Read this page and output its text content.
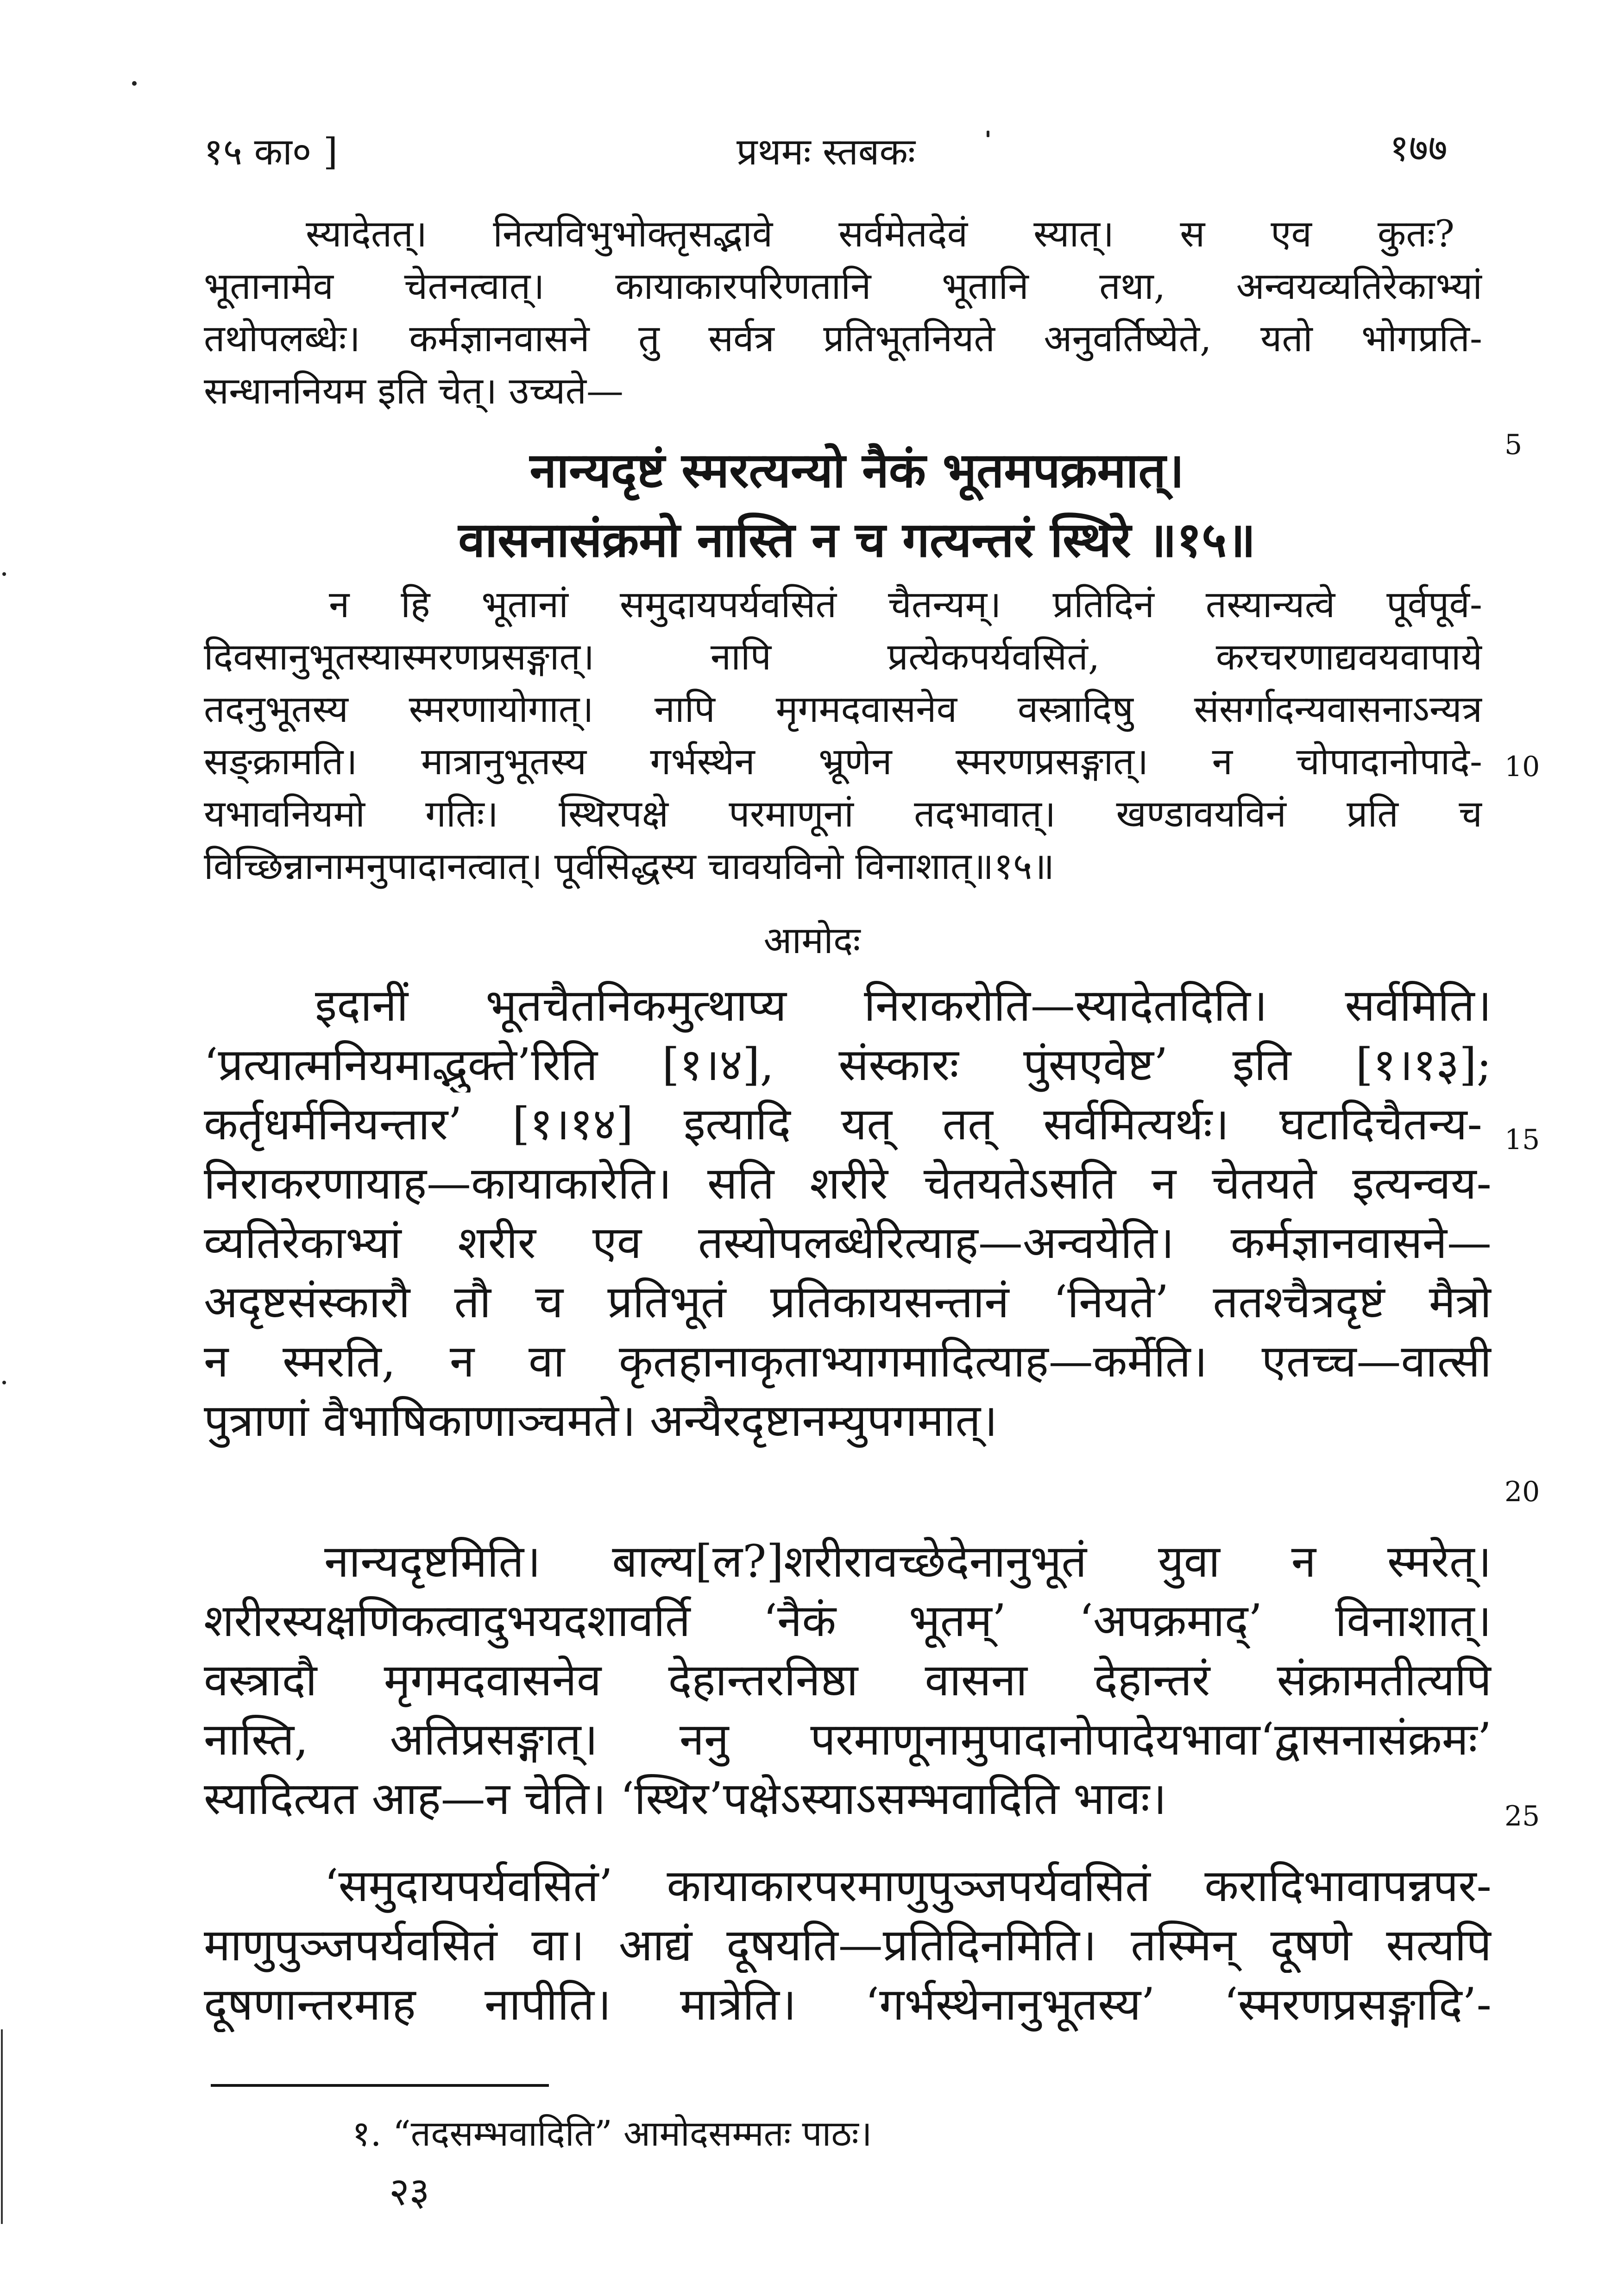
१५ का० ]	प्रथमः स्तबकः	१७७
स्यादेतत्। नित्यविभुभोक्तृसद्भावे सर्वमेतदेवं स्यात्। स एव कुतः?
भूतानामेव चेतनत्वात्। कायाकारपरिणतानि भूतानि तथा, अन्वयव्यतिरेकाभ्यां
तथोपलब्धेः। कर्मज्ञानवासने तु सर्वत्र प्रतिभूतनियते अनुवर्तिष्येते, यतो भोगप्रति-
सन्धाननियम इति चेत्। उच्यते—
नान्यदृष्टं स्मरत्यन्यो नैकं भूतमपक्रमात्।
वासनासंक्रमो नास्ति न च गत्यन्तरं स्थिरे ॥१५॥
5
न हि भूतानां समुदायपर्यवसितं चैतन्यम्। प्रतिदिनं तस्यान्यत्वे पूर्वपूर्व-
दिवसानुभूतस्यास्मरणप्रसङ्गात्। नापि प्रत्येकपर्यवसितं, करचरणाद्यवयवापाये
तदनुभूतस्य स्मरणायोगात्। नापि मृगमदवासनेव वस्त्रादिषु संसर्गादन्यवासनाऽन्यत्र
सङ्क्रामति। मात्रानुभूतस्य गर्भस्थेन भ्रूणेन स्मरणप्रसङ्गात्। न चोपादानोपादे- 10
यभावनियमो गतिः। स्थिरपक्षे परमाणूनां तदभावात्। खण्डावयविनं प्रति च
विच्छिन्नानामनुपादानत्वात्। पूर्वसिद्धस्य चावयविनो विनाशात्॥१५॥
आमोदः
इदानीं भूतचैतनिकमुत्थाप्य निराकरोति—स्यादेतदिति। सर्वमिति।
‘प्रत्यात्मनियमाद्भुक्ते’रिति [१।४], संस्कारः पुंसएवेष्ट’ इति [१।१३];
कर्तृधर्मनियन्तार’ [१।१४] इत्यादि यत् तत् सर्वमित्यर्थः। घटादिचैतन्य- 15
निराकरणायाह—कायाकारेति। सति शरीरे चेतयतेऽसति न चेतयते इत्यन्वय-
व्यतिरेकाभ्यां शरीर एव तस्योपलब्धेरित्याह—अन्वयेति। कर्मज्ञानवासने—
अदृष्टसंस्कारौ तौ च प्रतिभूतं प्रतिकायसन्तानं ‘नियते’ ततश्चैत्रदृष्टं मैत्रो
न स्मरति, न वा कृतहानाकृताभ्यागमादित्याह—कर्मेति। एतच्च—वात्सी
पुत्राणां वैभाषिकाणाञ्चमते। अन्यैरदृष्टानम्युपगमात्।
20
नान्यदृष्टमिति। बाल्य[ल?]शरीरावच्छेदेनानुभूतं युवा न स्मरेत्।
शरीरस्यक्षणिकत्वादुभयदशावर्ति ‘नैकं भूतम्’ ‘अपक्रमाद्’ विनाशात्।
वस्त्रादौ मृगमदवासनेव देहान्तरनिष्ठा वासना देहान्तरं संक्रामतीत्यपि
नास्ति, अतिप्रसङ्गात्। ननु परमाणूनामुपादानोपादेयभावा‘द्वासनासंक्रमः’
स्यादित्यत आह—न चेति। ‘स्थिर’पक्षेऽस्याऽसम्भवादिति भावः।	25
‘समुदायपर्यवसितं’ कायाकारपरमाणुपुञ्जपर्यवसितं करादिभावापन्नपर-
माणुपुञ्जपर्यवसितं वा। आद्यं दूषयति—प्रतिदिनमिति। तस्मिन् दूषणे सत्यपि
दूषणान्तरमाह नापीति। मात्रेति। ‘गर्भस्थेनानुभूतस्य’ ‘स्मरणप्रसङ्गादि’-
१. “तदसम्भवादिति” आमोदसम्मतः पाठः।
२३
